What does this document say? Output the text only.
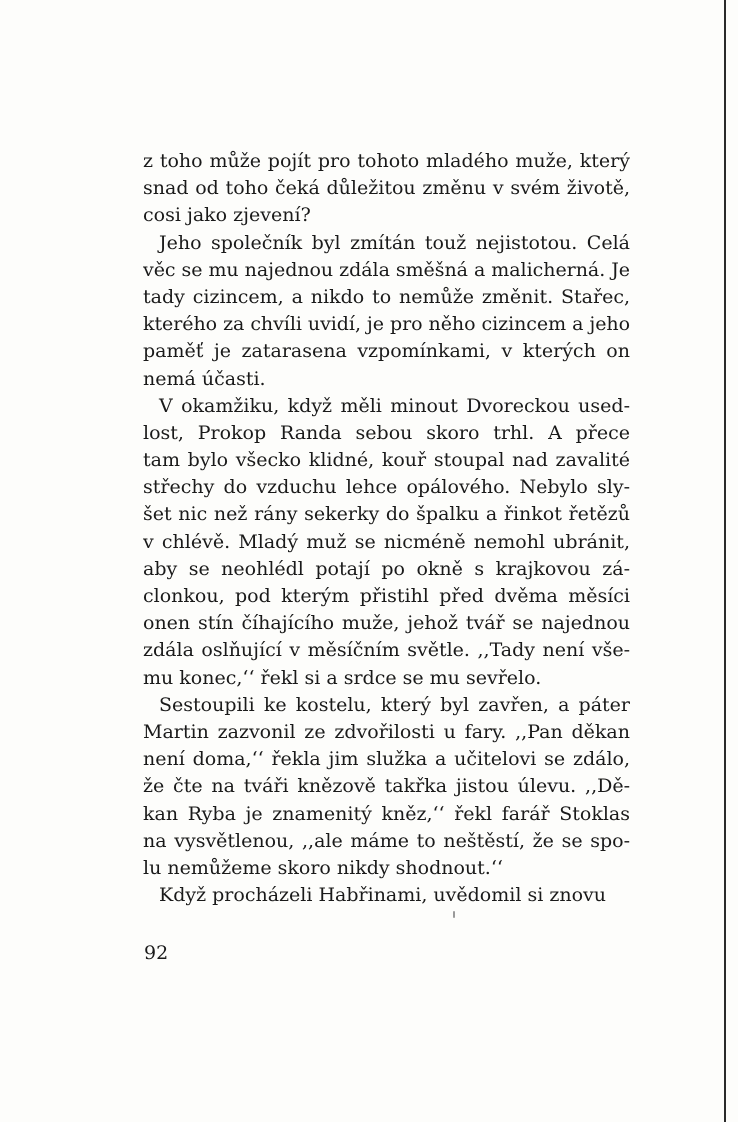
z toho může pojít pro tohoto mladého muže, který
snad od toho čeká důležitou změnu v svém životě,
cosi jako zjevení?
Jeho společník byl zmítán touž nejistotou. Celá
věc se mu najednou zdála směšná a malicherná. Je
tady cizincem, a nikdo to nemůže změnit. Stařec,
kterého za chvíli uvidí, je pro něho cizincem a jeho
paměť je zatarasena vzpomínkami, v kterých on
nemá účasti.
V okamžiku, když měli minout Dvoreckou used-
lost, Prokop Randa sebou skoro trhl. A přece
tam bylo všecko klidné, kouř stoupal nad zavalité
střechy do vzduchu lehce opálového. Nebylo sly-
šet nic než rány sekerky do špalku a řinkot řetězů
v chlévě. Mladý muž se nicméně nemohl ubránit,
aby se neohlédl potají po okně s krajkovou zá-
clonkou, pod kterým přistihl před dvěma měsíci
onen stín číhajícího muže, jehož tvář se najednou
zdála oslňující v měsíčním světle. ,,Tady není vše-
mu konec,‘‘ řekl si a srdce se mu sevřelo.
Sestoupili ke kostelu, který byl zavřen, a páter
Martin zazvonil ze zdvořilosti u fary. ,,Pan děkan
není doma,‘‘ řekla jim služka a učitelovi se zdálo,
že čte na tváři knězově takřka jistou úlevu. ,,Dě-
kan Ryba je znamenitý kněz,‘‘ řekl farář Stoklas
na vysvětlenou, ,,ale máme to neštěstí, že se spo-
lu nemůžeme skoro nikdy shodnout.‘‘
Když procházeli Habřinami, uvědomil si znovu
92
